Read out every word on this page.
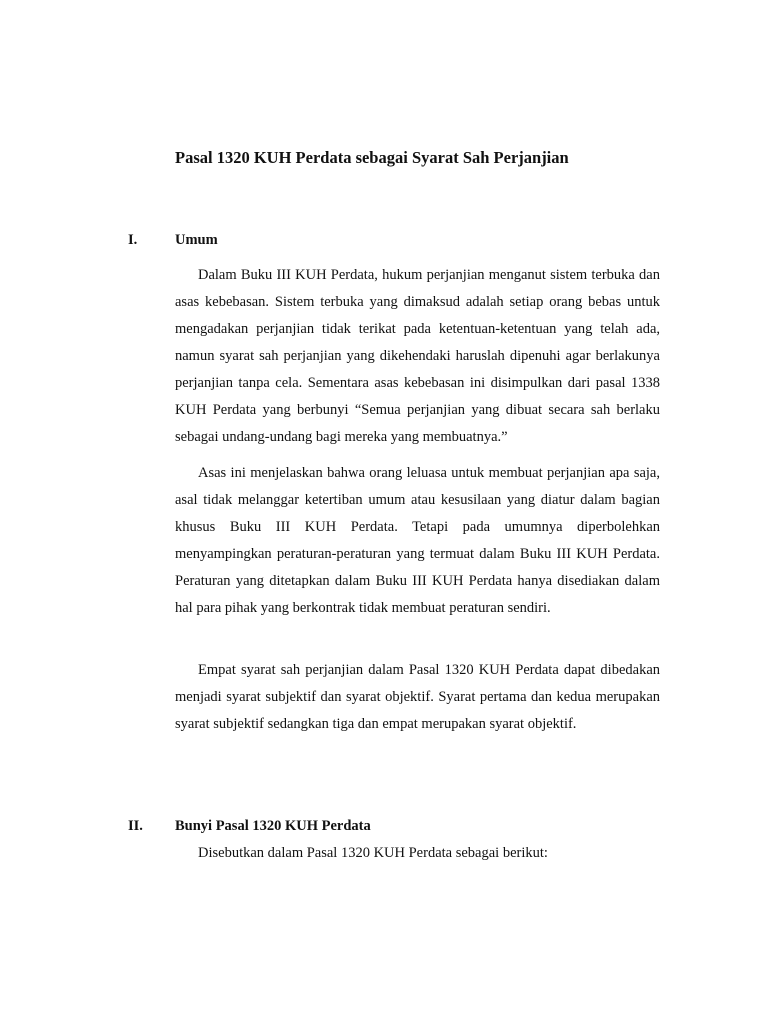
Pasal 1320 KUH Perdata sebagai Syarat Sah Perjanjian
I.	Umum

Dalam Buku III KUH Perdata, hukum perjanjian menganut sistem terbuka dan asas kebebasan. Sistem terbuka yang dimaksud adalah setiap orang bebas untuk mengadakan perjanjian tidak terikat pada ketentuan-ketentuan yang telah ada, namun syarat sah perjanjian yang dikehendaki haruslah dipenuhi agar berlakunya perjanjian tanpa cela. Sementara asas kebebasan ini disimpulkan dari pasal 1338 KUH Perdata yang berbunyi “Semua perjanjian yang dibuat secara sah berlaku sebagai undang-undang bagi mereka yang membuatnya.”

Asas ini menjelaskan bahwa orang leluasa untuk membuat perjanjian apa saja, asal tidak melanggar ketertiban umum atau kesusilaan yang diatur dalam bagian khusus Buku III KUH Perdata. Tetapi pada umumnya diperbolehkan menyampingkan peraturan-peraturan yang termuat dalam Buku III KUH Perdata. Peraturan yang ditetapkan dalam Buku III KUH Perdata hanya disediakan dalam hal para pihak yang berkontrak tidak membuat peraturan sendiri.

Empat syarat sah perjanjian dalam Pasal 1320 KUH Perdata dapat dibedakan menjadi syarat subjektif dan syarat objektif. Syarat pertama dan kedua merupakan syarat subjektif sedangkan tiga dan empat merupakan syarat objektif.

II. Bunyi Pasal 1320 KUH Perdata

Disebutkan dalam Pasal 1320 KUH Perdata sebagai berikut:
